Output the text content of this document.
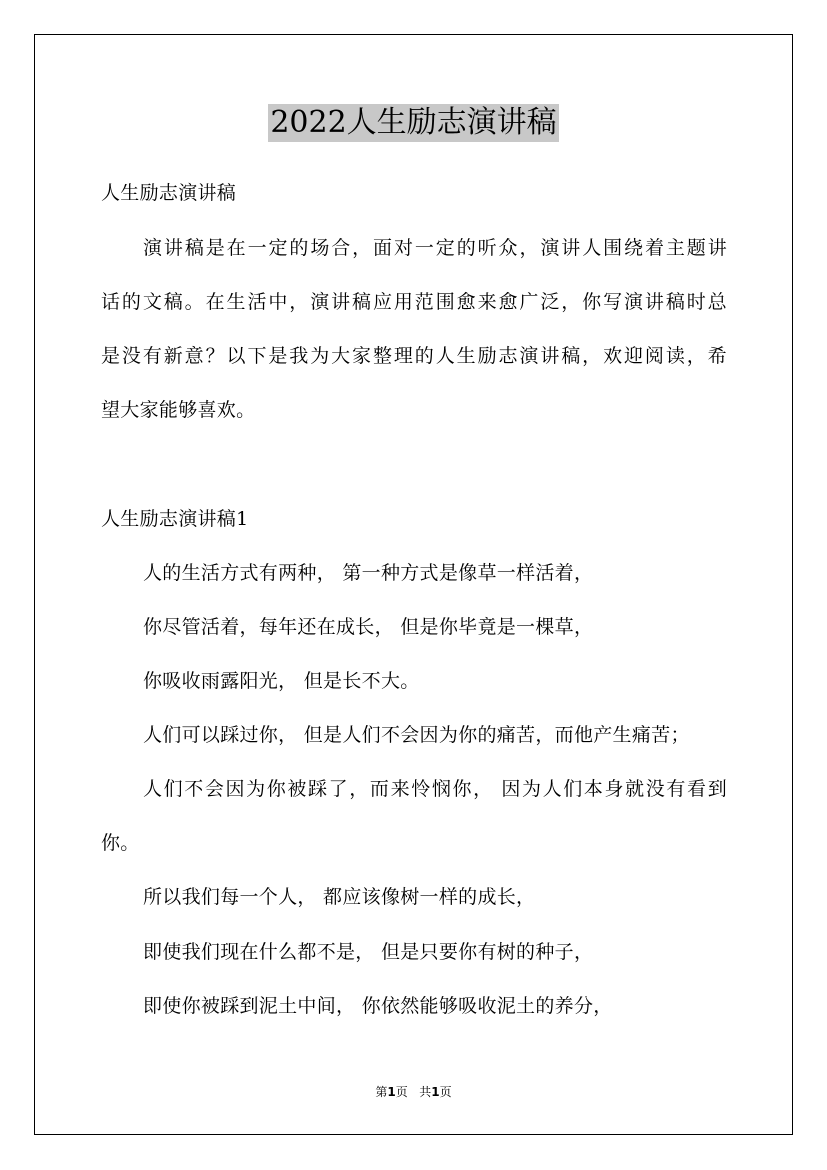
2022人生励志演讲稿
人生励志演讲稿
演讲稿是在一定的场合，面对一定的听众，演讲人围绕着主题讲
话的文稿。在生活中，演讲稿应用范围愈来愈广泛，你写演讲稿时总
是没有新意？以下是我为大家整理的人生励志演讲稿，欢迎阅读，希
望大家能够喜欢。
人生励志演讲稿1
人的生活方式有两种， 第一种方式是像草一样活着，
你尽管活着，每年还在成长， 但是你毕竟是一棵草，
你吸收雨露阳光， 但是长不大。
人们可以踩过你， 但是人们不会因为你的痛苦，而他产生痛苦；
人们不会因为你被踩了，而来怜悯你， 因为人们本身就没有看到
你。
所以我们每一个人， 都应该像树一样的成长，
即使我们现在什么都不是， 但是只要你有树的种子，
即使你被踩到泥土中间， 你依然能够吸收泥土的养分，
第1页 共1页
